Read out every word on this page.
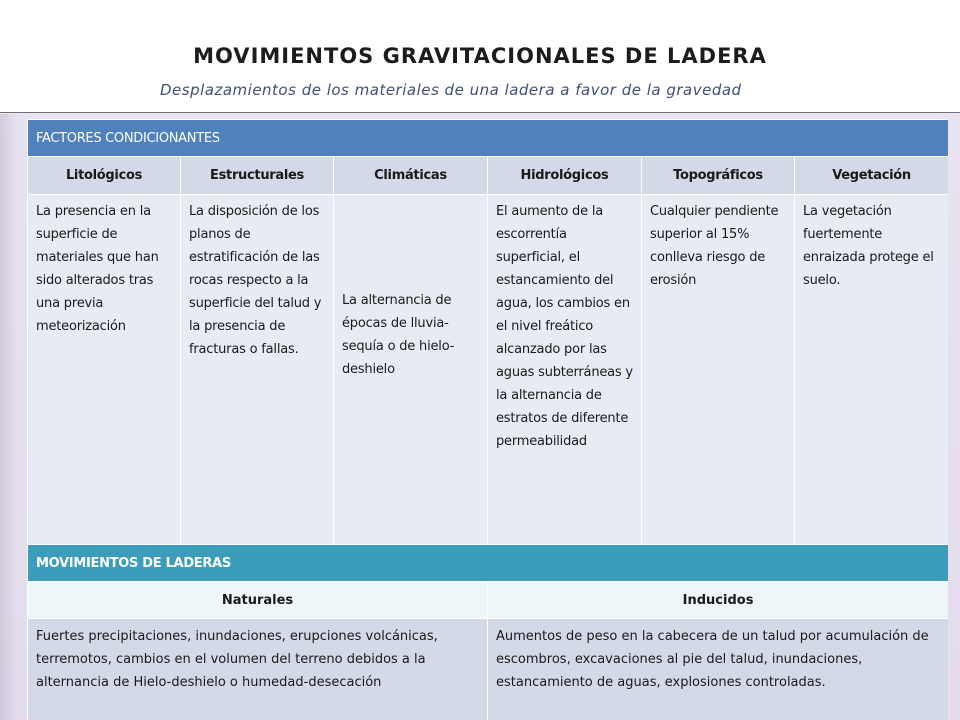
MOVIMIENTOS GRAVITACIONALES DE LADERA
Desplazamientos de los materiales de una ladera a favor de la gravedad
FACTORES CONDICIONANTES					
Litológicos	Estructurales	Climáticas	Hidrológicos	Topográficos	Vegetación
La presencia en la superficie de materiales que han sido alterados tras una previa meteorización	La disposición de los planos de estratificación de las rocas respecto a la superficie del talud y la presencia de fracturas o fallas.	La alternancia de épocas de lluvia-sequía o de hielo-deshielo	El aumento de la escorrentía superficial, el estancamiento del agua, los cambios en el nivel freático alcanzado por las aguas subterráneas y la alternancia de estratos de diferente permeabilidad	Cualquier pendiente superior al 15% conlleva riesgo de erosión	La vegetación fuertemente enraizada protege el suelo.
MOVIMIENTOS DE LADERAS					
Naturales			Inducidos		
Fuertes precipitaciones, inundaciones, erupciones volcánicas, terremotos, cambios en el volumen del terreno debidos a la alternancia de Hielo-deshielo o humedad-desecación			Aumentos de peso en la cabecera de un talud por acumulación de escombros, excavaciones al pie del talud, inundaciones, estancamiento de aguas, explosiones controladas.		
